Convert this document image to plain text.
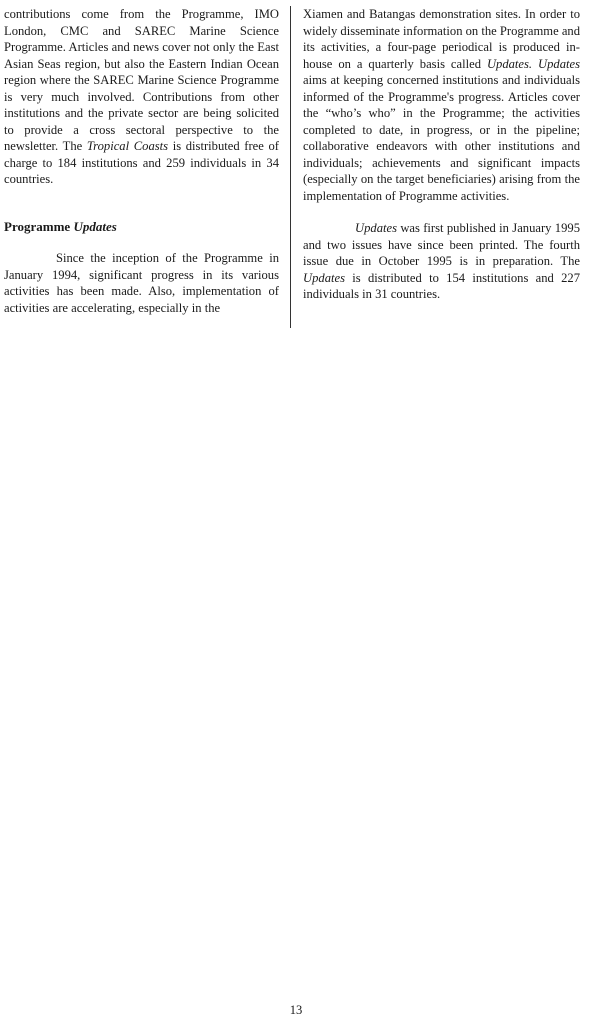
contributions come from the Programme, IMO London, CMC and SAREC Marine Science Programme. Articles and news cover not only the East Asian Seas region, but also the Eastern Indian Ocean region where the SAREC Marine Science Programme is very much involved. Contributions from other institutions and the private sector are being solicited to provide a cross sectoral perspective to the newsletter. The Tropical Coasts is distributed free of charge to 184 institutions and 259 individuals in 34 countries.

Programme Updates

Since the inception of the Programme in January 1994, significant progress in its various activities has been made. Also, implementation of activities are accelerating, especially in the

Xiamen and Batangas demonstration sites. In order to widely disseminate information on the Programme and its activities, a four-page periodical is produced in-house on a quarterly basis called Updates. Updates aims at keeping concerned institutions and individuals informed of the Programme's progress. Articles cover the “who’s who” in the Programme; the activities completed to date, in progress, or in the pipeline; collaborative endeavors with other institutions and individuals; achievements and significant impacts (especially on the target beneficiaries) arising from the implementation of Programme activities.

Updates was first published in January 1995 and two issues have since been printed. The fourth issue due in October 1995 is in preparation. The Updates is distributed to 154 institutions and 227 individuals in 31 countries.

13
